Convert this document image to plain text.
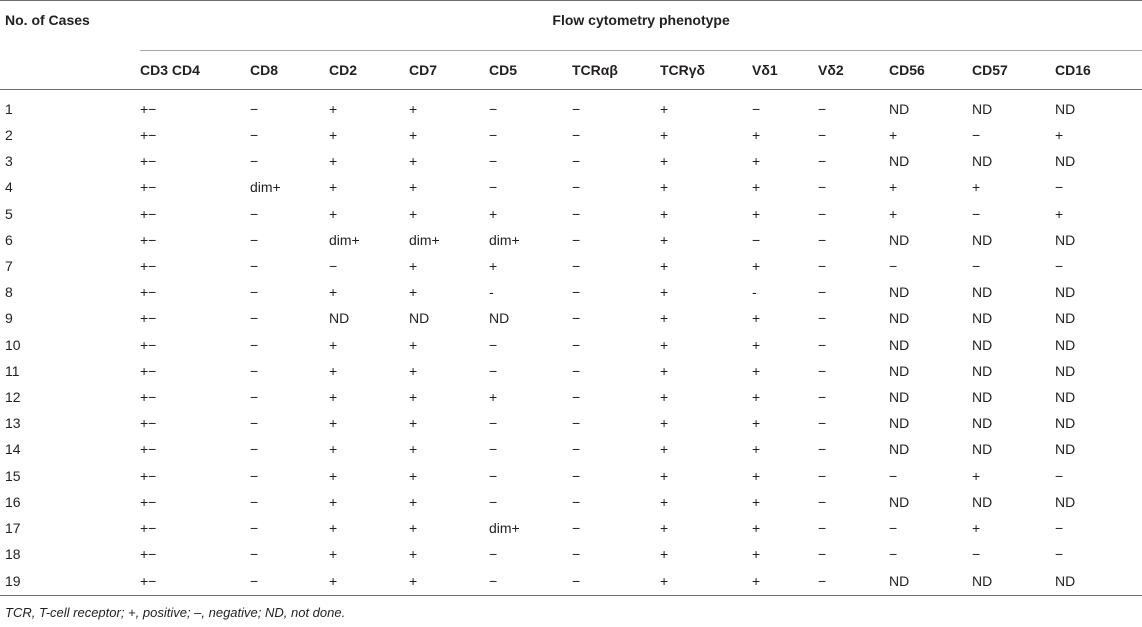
No. of Cases	Flow cytometry phenotype											
	CD3 CD4	CD8	CD2	CD7	CD5	TCRαβ	TCRγδ	Vδ1	Vδ2	CD56	CD57	CD16
1	+−	−	+	+	−	−	+	−	−	ND	ND	ND
2	+−	−	+	+	−	−	+	+	−	+	−	+
3	+−	−	+	+	−	−	+	+	−	ND	ND	ND
4	+−	dim+	+	+	−	−	+	+	−	+	+	−
5	+−	−	+	+	+	−	+	+	−	+	−	+
6	+−	−	dim+	dim+	dim+	−	+	−	−	ND	ND	ND
7	+−	−	−	+	+	−	+	+	−	−	−	−
8	+−	−	+	+	-	−	+	-	−	ND	ND	ND
9	+−	−	ND	ND	ND	−	+	+	−	ND	ND	ND
10	+−	−	+	+	−	−	+	+	−	ND	ND	ND
11	+−	−	+	+	−	−	+	+	−	ND	ND	ND
12	+−	−	+	+	+	−	+	+	−	ND	ND	ND
13	+−	−	+	+	−	−	+	+	−	ND	ND	ND
14	+−	−	+	+	−	−	+	+	−	ND	ND	ND
15	+−	−	+	+	−	−	+	+	−	−	+	−
16	+−	−	+	+	−	−	+	+	−	ND	ND	ND
17	+−	−	+	+	dim+	−	+	+	−	−	+	−
18	+−	−	+	+	−	−	+	+	−	−	−	−
19	+−	−	+	+	−	−	+	+	−	ND	ND	ND
TCR, T-cell receptor; +, positive; –, negative; ND, not done.
